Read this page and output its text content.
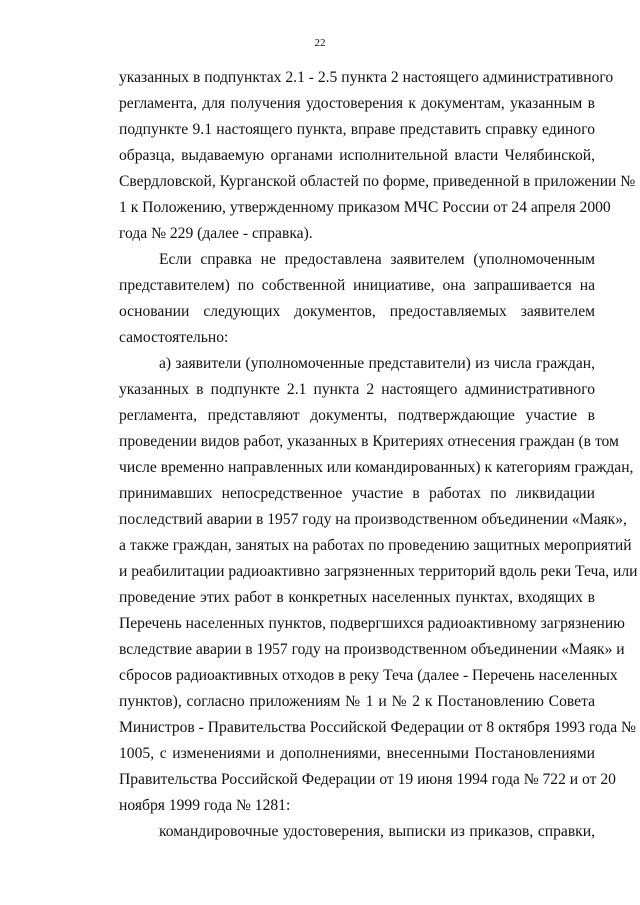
22
указанных в подпунктах 2.1 - 2.5 пункта 2 настоящего административного
регламента, для получения удостоверения к документам, указанным в
подпункте 9.1 настоящего пункта, вправе представить справку единого
образца, выдаваемую органами исполнительной власти Челябинской,
Свердловской, Курганской областей по форме, приведенной в приложении №
1 к Положению, утвержденному приказом МЧС России от 24 апреля 2000
года № 229 (далее - справка).
Если справка не предоставлена заявителем (уполномоченным
представителем) по собственной инициативе, она запрашивается на
основании следующих документов, предоставляемых заявителем
самостоятельно:
а) заявители (уполномоченные представители) из числа граждан,
указанных в подпункте 2.1 пункта 2 настоящего административного
регламента, представляют документы, подтверждающие участие в
проведении видов работ, указанных в Критериях отнесения граждан (в том
числе временно направленных или командированных) к категориям граждан,
принимавших непосредственное участие в работах по ликвидации
последствий аварии в 1957 году на производственном объединении «Маяк»,
а также граждан, занятых на работах по проведению защитных мероприятий
и реабилитации радиоактивно загрязненных территорий вдоль реки Теча, или
проведение этих работ в конкретных населенных пунктах, входящих в
Перечень населенных пунктов, подвергшихся радиоактивному загрязнению
вследствие аварии в 1957 году на производственном объединении «Маяк» и
сбросов радиоактивных отходов в реку Теча (далее - Перечень населенных
пунктов), согласно приложениям № 1 и № 2 к Постановлению Совета
Министров - Правительства Российской Федерации от 8 октября 1993 года №
1005, с изменениями и дополнениями, внесенными Постановлениями
Правительства Российской Федерации от 19 июня 1994 года № 722 и от 20
ноября 1999 года № 1281:
командировочные удостоверения, выписки из приказов, справки,
